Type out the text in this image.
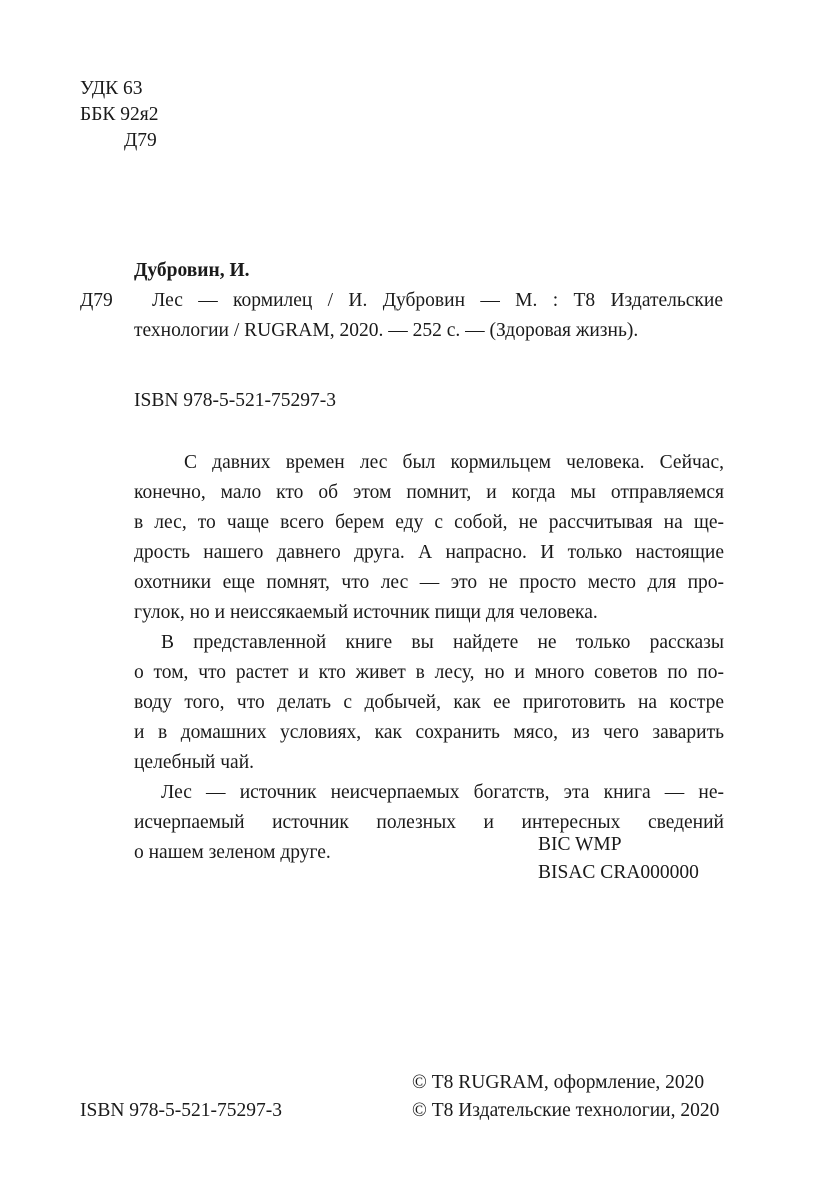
УДК 63
ББК 92я2
Д79
Дубровин, И.
Д79	Лес — кормилец / И. Дубровин — М. : Т8 Издательские
технологии / RUGRAM, 2020. — 252 с. — (Здоровая жизнь).
ISBN 978-5-521-75297-3

С давних времен лес был кормильцем человека. Сейчас,
конечно, мало кто об этом помнит, и когда мы отправляемся
в лес, то чаще всего берем еду с собой, не рассчитывая на ще-
дрость нашего давнего друга. А напрасно. И только настоящие
охотники еще помнят, что лес — это не просто место для про-
гулок, но и неиссякаемый источник пищи для человека.

В представленной книге вы найдете не только рассказы
о том, что растет и кто живет в лесу, но и много советов по по-
воду того, что делать с добычей, как ее приготовить на костре
и в домашних условиях, как сохранить мясо, из чего заварить
целебный чай.

Лес — источник неисчерпаемых богатств, эта книга — не-
исчерпаемый источник полезных и интересных сведений
о нашем зеленом друге.	BIC WMP
BISAC CRA000000
© Т8 RUGRAM, оформление, 2020
ISBN 978-5-521-75297-3	© Т8 Издательские технологии, 2020
